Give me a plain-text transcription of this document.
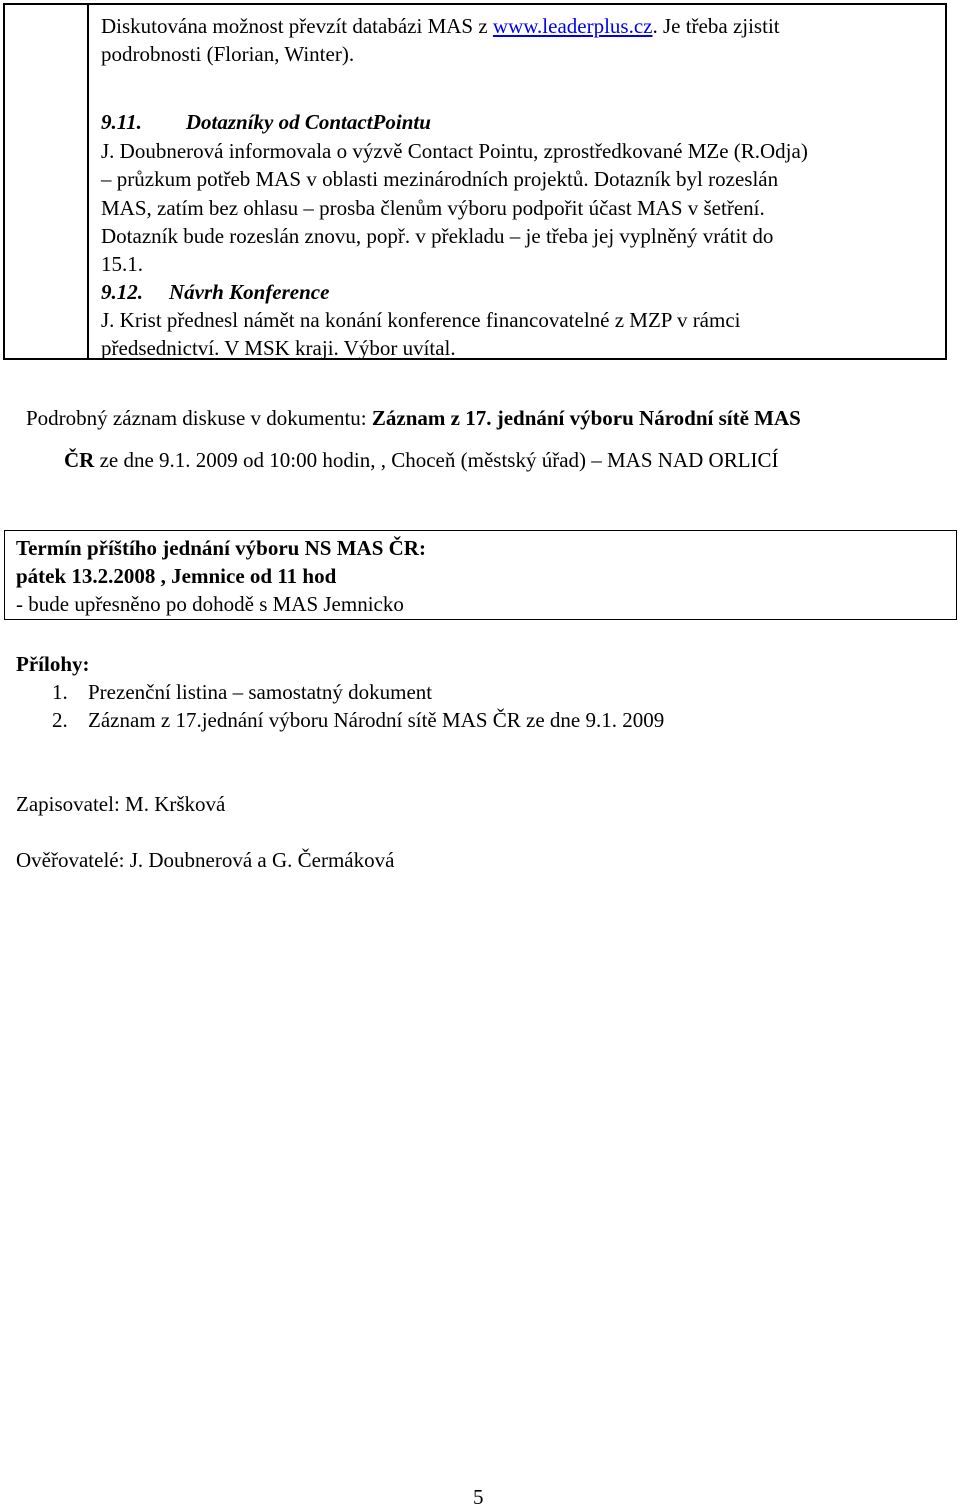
Diskutována možnost převzít databázi MAS z www.leaderplus.cz. Je třeba zjistit
podrobnosti (Florian, Winter).
9.11. Dotazníky od ContactPointu
J. Doubnerová informovala o výzvě Contact Pointu, zprostředkované MZe (R.Odja)
– průzkum potřeb MAS v oblasti mezinárodních projektů. Dotazník byl rozeslán
MAS, zatím bez ohlasu – prosba členům výboru podpořit účast MAS v šetření.
Dotazník bude rozeslán znovu, popř. v překladu – je třeba jej vyplněný vrátit do
15.1.
9.12. Návrh Konference
J. Krist přednesl námět na konání konference financovatelné z MZP v rámci
předsednictví. V MSK kraji. Výbor uvítal.
Podrobný záznam diskuse v dokumentu: Záznam z 17. jednání výboru Národní sítě MAS
ČR ze dne 9.1. 2009 od 10:00 hodin, , Choceň (městský úřad) – MAS NAD ORLICÍ
Termín příštího jednání výboru NS MAS ČR:
pátek 13.2.2008 , Jemnice od 11 hod
- bude upřesněno po dohodě s MAS Jemnicko
Přílohy:
1. Prezenční listina – samostatný dokument
2. Záznam z 17.jednání výboru Národní sítě MAS ČR ze dne 9.1. 2009
Zapisovatel: M. Kršková
Ověřovatelé: J. Doubnerová a G. Čermáková
5
